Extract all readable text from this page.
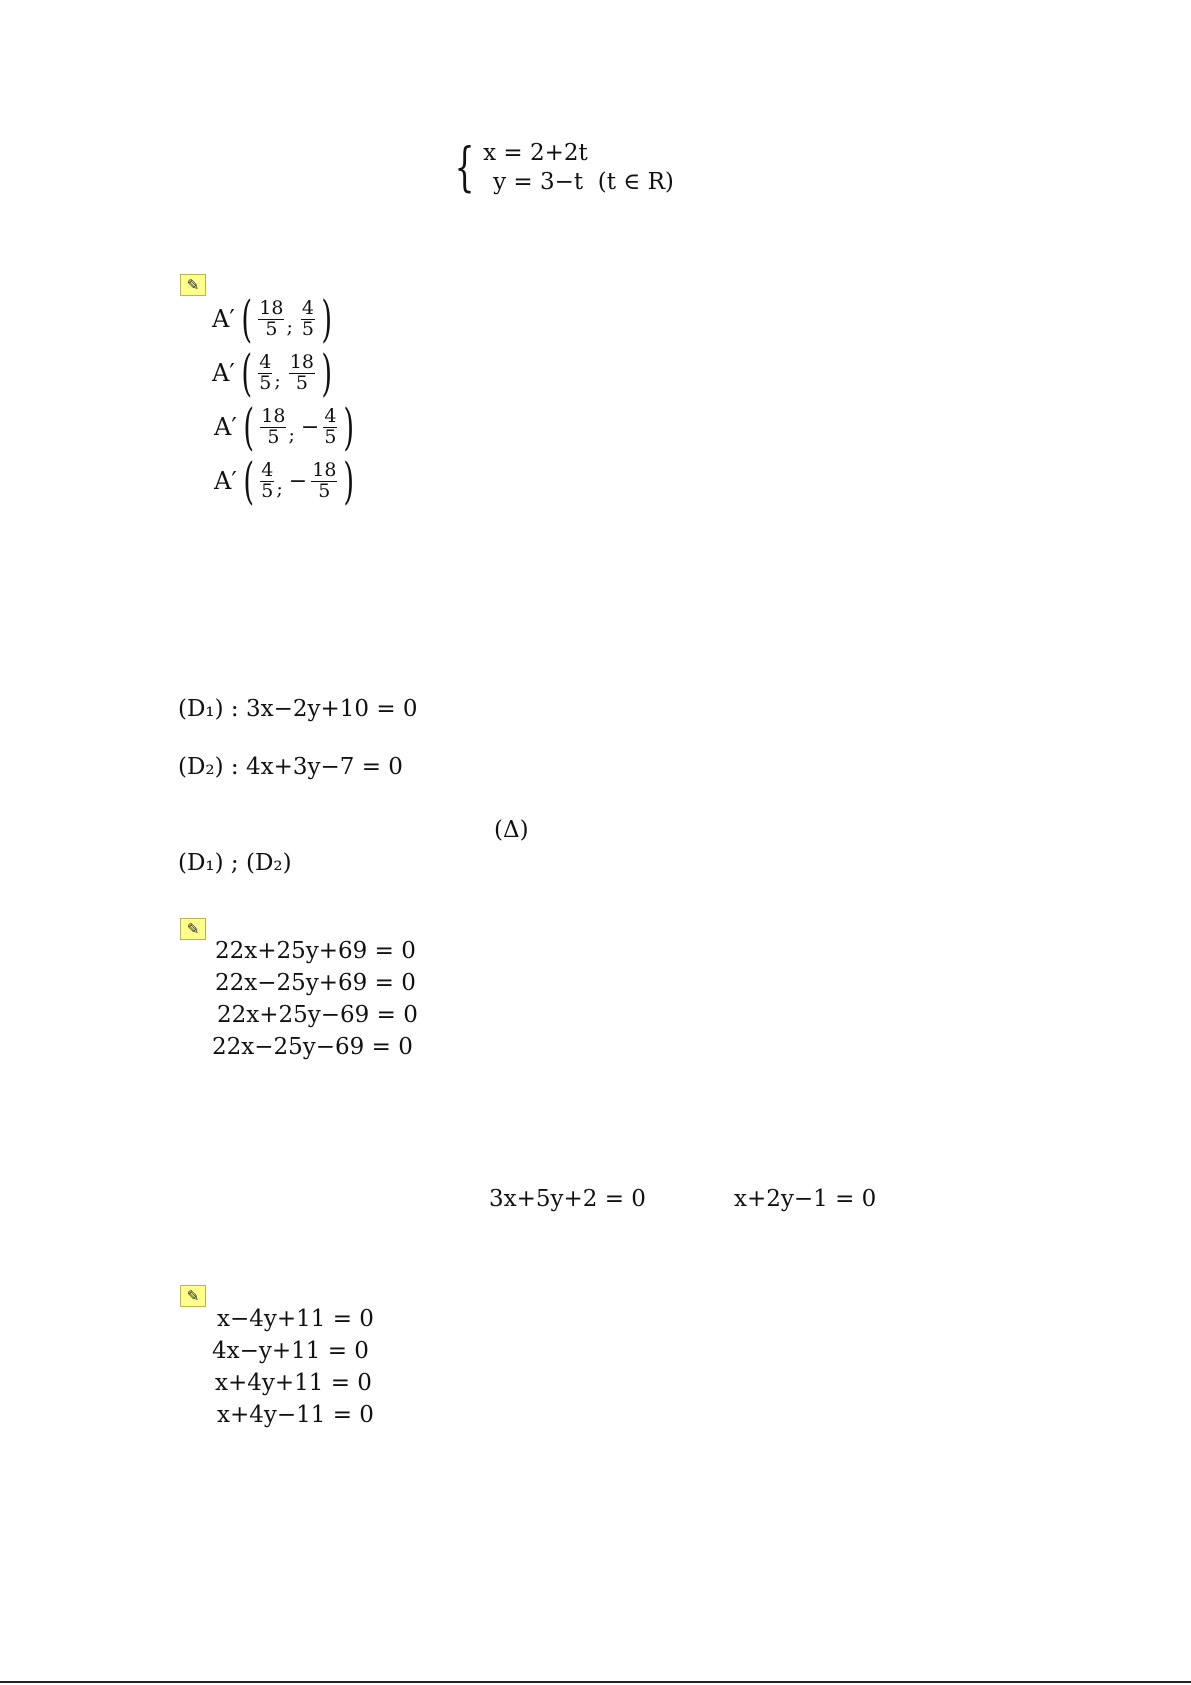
{ x = 2+2t
y = 3−t (t ∈ R)
✎
A′ ( $\frac{18}{5}$ ; $\frac{4}{5}$ )
A′ ( $\frac{4}{5}$ ; $\frac{18}{5}$ )
A′ ( $\frac{18}{5}$ ; − $\frac{4}{5}$ )
A′ ( $\frac{4}{5}$ ; − $\frac{18}{5}$ )
(D₁) : 3x−2y+10 = 0
(D₂) : 4x+3y−7 = 0
(Δ)
(D₁) ; (D₂)
✎
22x+25y+69 = 0
22x−25y+69 = 0
22x+25y−69 = 0
22x−25y−69 = 0
3x+5y+2 = 0	x+2y−1 = 0
✎
x−4y+11 = 0
4x−y+11 = 0
x+4y+11 = 0
x+4y−11 = 0
